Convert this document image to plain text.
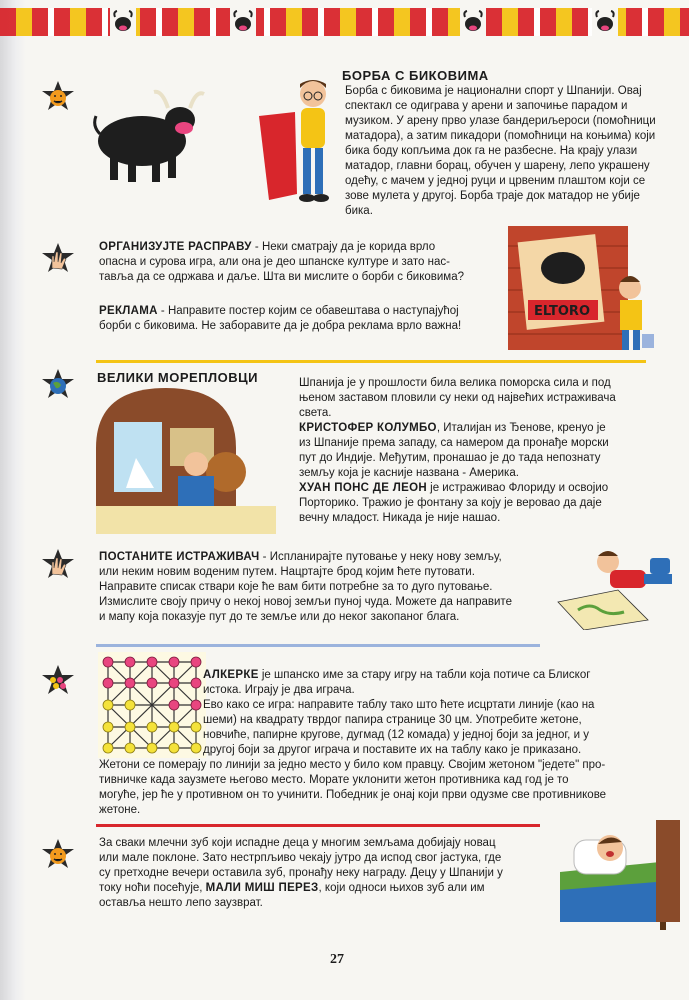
БОРБА С БИКОВИМА
Борба с биковима је национални спорт у Шпанији. Овај
спектакл се одиграва у арени и започиње парадом и
музиком. У арену прво улазе бандериљероси (помоћници
матадора), а затим пикадори (помоћници на коњима) који
бика боду копљима док га не разбесне. На крају улази
матадор, главни борац, обучен у шарену, лепо украшену
одећу, с мачем у једној руци и црвеним плаштом који се
зове мулета у другој. Борба траје док матадор не убије
бика.
ОРГАНИЗУЈТЕ РАСПРАВУ - Неки сматрају да је корида врло
опасна и сурова игра, али она је део шпанске културе и зато нас-
тавља да се одржава и даље. Шта ви мислите о борби с биковима?
РЕКЛАМА - Направите постер којим се обавештава о наступајућој
борби с биковима. Не заборавите да је добра реклама врло важна!
ELTORO
ВЕЛИКИ МОРЕПЛОВЦИ	Шпанија је у прошлости била велика поморска сила и под
њеном заставом пловили су неки од највећих истраживача
света.
КРИСТОФЕР КОЛУМБО, Италијан из Ђенове, кренуо је
из Шпаније према западу, са намером да пронађе морски
пут до Индије. Међутим, пронашао је до тада непознату
земљу која је касније названа - Америка.
ХУАН ПОНС ДЕ ЛЕОН је истраживао Флориду и освојио
Порторико. Тражио је фонтану за коју је веровао да даје
вечну младост. Никада је није нашао.
ПОСТАНИТЕ ИСТРАЖИВАЧ - Испланирајте путовање у неку нову земљу,
или неким новим воденим путем. Нацртајте брод којим ћете путовати.
Направите списак ствари које ће вам бити потребне за то дуго путовање.
Измислите своју причу о некој новој земљи пуној чуда. Можете да направите
и мапу која показује пут до те земље или до неког закопаног блага.
АЛКЕРКЕ је шпанско име за стару игру на табли која потиче са Блиског
истока. Играју је два играча.
Ево како се игра: направите таблу тако што ћете исцртати линије (као на
шеми) на квадрату тврдог папира странице 30 цм. Употребите жетоне,
новчиће, папирне кругове, дугмад (12 комада) у једној боји за једног, и у
другој боји за другог играча и поставите их на таблу како је приказано.
Жетони се померају по линији за једно место у било ком правцу. Својим жетоном "једете" про-
тивничке када заузмете његово место. Морате уклонити жетон противника кад год је то
могуће, јер ће у противном он то учинити. Победник је онај који први одузме све противникове
жетоне.
За сваки млечни зуб који испадне деца у многим земљама добијају новац
или мале поклоне. Зато нестрпљиво чекају јутро да испод свог јастука, где
су претходне вечери оставила зуб, пронађу неку награду. Децу у Шпанији у
току ноћи посећује, МАЛИ МИШ ПЕРЕЗ, који односи њихов зуб али им
оставља нешто лепо заузврат.
27
